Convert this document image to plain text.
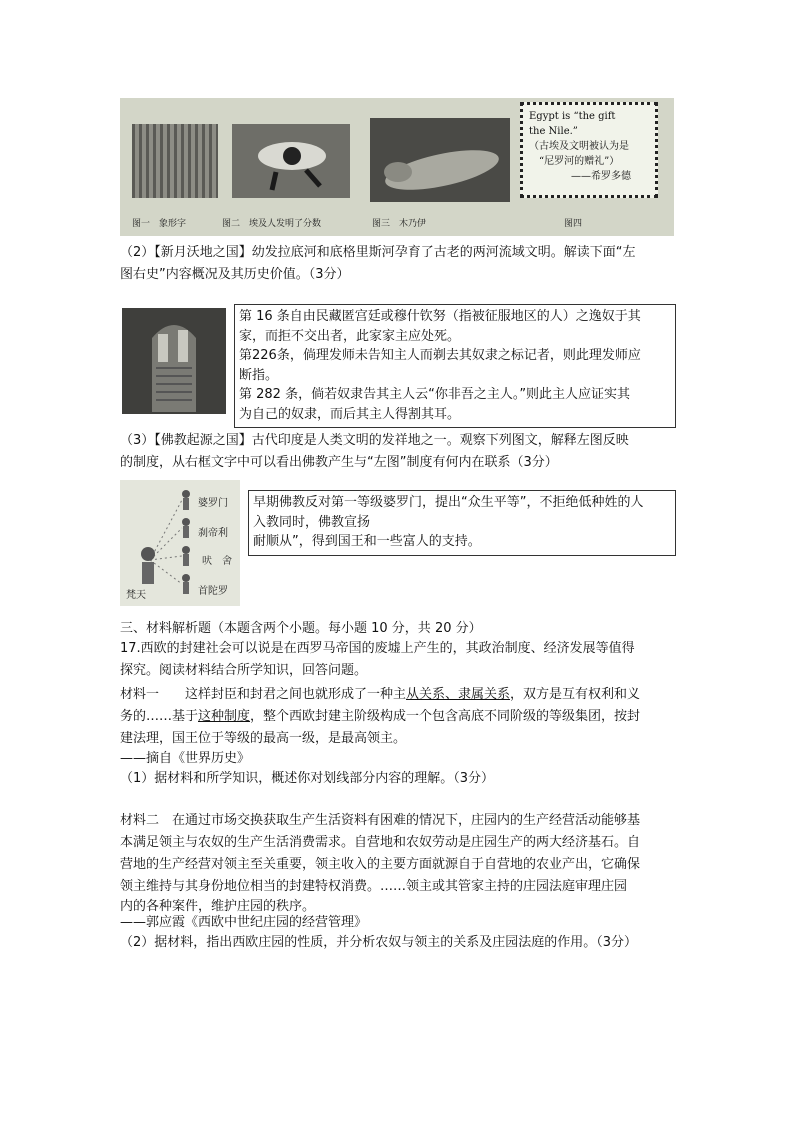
Egypt is “the gift
the Nile.”
（古埃及文明被认为是
“尼罗河的赠礼”）
——希罗多德
图一　象形字	图二　埃及人发明了分数	图三　木乃伊	图四
（2）【新月沃地之国】幼发拉底河和底格里斯河孕育了古老的两河流域文明。解读下面“左
图右史”内容概况及其历史价值。（3分）
第 16 条自由民藏匿宫廷或穆什钦努（指被征服地区的人）之逸奴于其
家，而拒不交出者，此家家主应处死。
第226条，倘理发师未告知主人而剃去其奴隶之标记者，则此理发师应
断指。
第 282 条，倘若奴隶告其主人云“你非吾之主人。”则此主人应证实其
为自己的奴隶，而后其主人得割其耳。
（3）【佛教起源之国】古代印度是人类文明的发祥地之一。观察下列图文，解释左图反映
的制度，从右框文字中可以看出佛教产生与“左图”制度有何内在联系（3分）
婆罗门
刹帝利
吠　舍
首陀罗
梵天
早期佛教反对第一等级婆罗门，提出“众生平等”，不拒绝低种姓的人
入教同时，佛教宣扬
耐顺从”，得到国王和一些富人的支持。
三、材料解析题（本题含两个小题。每小题 10 分，共 20 分）
17.西欧的封建社会可以说是在西罗马帝国的废墟上产生的，其政治制度、经济发展等值得
探究。阅读材料结合所学知识，回答问题。
材料一　　这样封臣和封君之间也就形成了一种主从关系、隶属关系，双方是互有权利和义
务的……基于这种制度，整个西欧封建主阶级构成一个包含高底不同阶级的等级集团，按封
建法理，国王位于等级的最高一级，是最高领主。
——摘自《世界历史》
（1）据材料和所学知识，概述你对划线部分内容的理解。（3分）
材料二　在通过市场交换获取生产生活资料有困难的情况下，庄园内的生产经营活动能够基
本满足领主与农奴的生产生活消费需求。自营地和农奴劳动是庄园生产的两大经济基石。自
营地的生产经营对领主至关重要，领主收入的主要方面就源自于自营地的农业产出，它确保
领主维持与其身份地位相当的封建特权消费。……领主或其管家主持的庄园法庭审理庄园
内的各种案件，维护庄园的秩序。
——郭应霞《西欧中世纪庄园的经营管理》
（2）据材料，指出西欧庄园的性质，并分析农奴与领主的关系及庄园法庭的作用。（3分）
